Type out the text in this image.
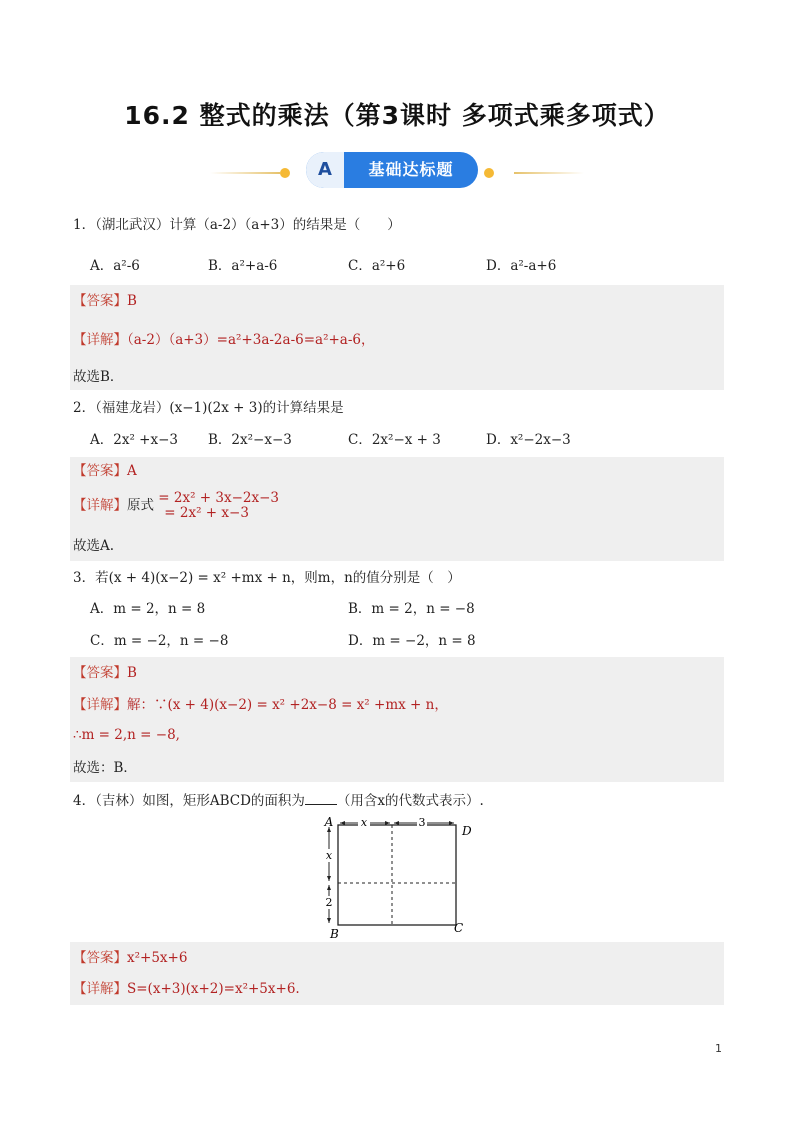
16.2 整式的乘法（第3课时 多项式乘多项式）
A	基础达标题
1．（湖北武汉）计算（a-2）（a+3）的结果是（　　）
A．a²-6	B．a²+a-6	C．a²+6	D．a²-a+6
【答案】B
【详解】（a-2）（a+3）=a²+3a-2a-6=a²+a-6，
故选B．
2．（福建龙岩）(x−1)(2x + 3)的计算结果是
A．2x² +x−3 B．2x²−x−3	C．2x²−x + 3	D．x²−2x−3
【答案】A
【详解】原式 = 2x² + 3x−2x−3
= 2x² + x−3
故选A.
3．若(x + 4)(x−2) = x² +mx + n，则m，n的值分别是（　）
A．m = 2，n = 8	B．m = 2，n = −8
C．m = −2，n = −8	D．m = −2，n = 8
【答案】B
【详解】解：∵(x + 4)(x−2) = x² +2x−8 = x² +mx + n，
∴m = 2,n = −8,
故选：B．
4．（吉林）如图，矩形ABCD的面积为 （用含x的代数式表示）.
x	3
x
2
A
D
B	C
【答案】x²+5x+6
【详解】S=(x+3)(x+2)=x²+5x+6.
1
